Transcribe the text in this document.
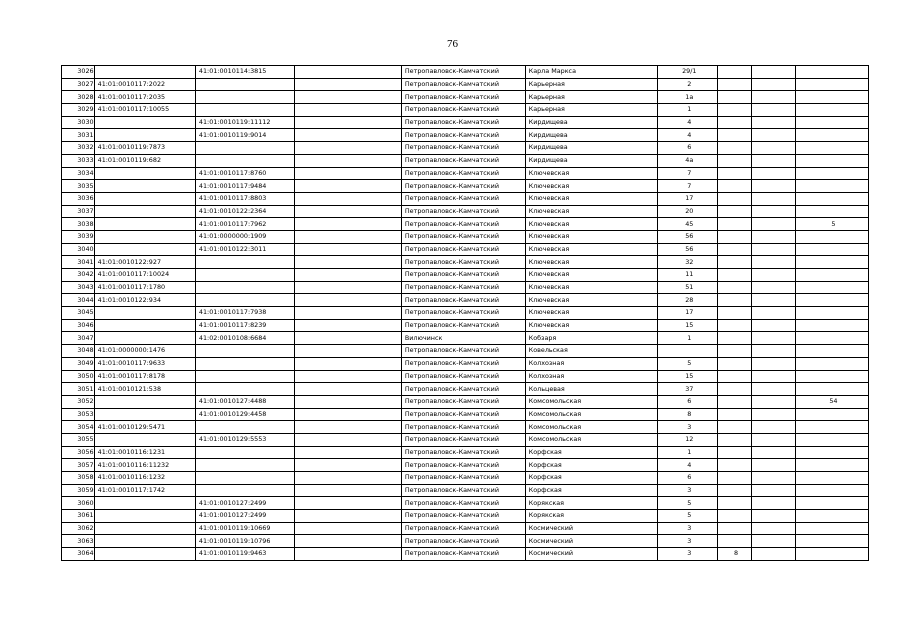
76
3026		41:01:0010114:3815		Петропавловск-Камчатский	Карла Маркса	29/1			
3027	41:01:0010117:2022			Петропавловск-Камчатский	Карьерная	2			
3028	41:01:0010117:2035			Петропавловск-Камчатский	Карьерная	1а			
3029	41:01:0010117:10055			Петропавловск-Камчатский	Карьерная	1			
3030		41:01:0010119:11112		Петропавловск-Камчатский	Кирдищева	4			
3031		41:01:0010119:9014		Петропавловск-Камчатский	Кирдищева	4			
3032	41:01:0010119:7873			Петропавловск-Камчатский	Кирдищева	6			
3033	41:01:0010119:682			Петропавловск-Камчатский	Кирдищева	4а			
3034		41:01:0010117:8760		Петропавловск-Камчатский	Ключевская	7			
3035		41:01:0010117:9484		Петропавловск-Камчатский	Ключевская	7			
3036		41:01:0010117:8803		Петропавловск-Камчатский	Ключевская	17			
3037		41:01:0010122:2364		Петропавловск-Камчатский	Ключевская	20			
3038		41:01:0010117:7962		Петропавловск-Камчатский	Ключевская	45			5
3039		41:01:0000000:1909		Петропавловск-Камчатский	Ключевская	56			
3040		41:01:0010122:3011		Петропавловск-Камчатский	Ключевская	56			
3041	41:01:0010122:927			Петропавловск-Камчатский	Ключевская	32			
3042	41:01:0010117:10024			Петропавловск-Камчатский	Ключевская	11			
3043	41:01:0010117:1780			Петропавловск-Камчатский	Ключевская	51			
3044	41:01:0010122:934			Петропавловск-Камчатский	Ключевская	28			
3045		41:01:0010117:7938		Петропавловск-Камчатский	Ключевская	17			
3046		41:01:0010117:8239		Петропавловск-Камчатский	Ключевская	15			
3047		41:02:0010108:6684		Вилючинск	Кобзаря	1			
3048	41:01:0000000:1476			Петропавловск-Камчатский	Ковельская				
3049	41:01:0010117:9633			Петропавловск-Камчатский	Колхозная	5			
3050	41:01:0010117:8178			Петропавловск-Камчатский	Колхозная	15			
3051	41:01:0010121:538			Петропавловск-Камчатский	Кольцевая	37			
3052		41:01:0010127:4488		Петропавловск-Камчатский	Комсомольская	6			54
3053		41:01:0010129:4458		Петропавловск-Камчатский	Комсомольская	8			
3054	41:01:0010129:5471			Петропавловск-Камчатский	Комсомольская	3			
3055		41:01:0010129:5553		Петропавловск-Камчатский	Комсомольская	12			
3056	41:01:0010116:1231			Петропавловск-Камчатский	Корфская	1			
3057	41:01:0010116:11232			Петропавловск-Камчатский	Корфская	4			
3058	41:01:0010116:1232			Петропавловск-Камчатский	Корфская	6			
3059	41:01:0010117:1742			Петропавловск-Камчатский	Корфская	3			
3060		41:01:0010127:2499		Петропавловск-Камчатский	Корякская	5			
3061		41:01:0010127:2499		Петропавловск-Камчатский	Корякская	5			
3062		41:01:0010119:10669		Петропавловск-Камчатский	Космический	3			
3063		41:01:0010119:10796		Петропавловск-Камчатский	Космический	3			
3064		41:01:0010119:9463		Петропавловск-Камчатский	Космический	3	8		
